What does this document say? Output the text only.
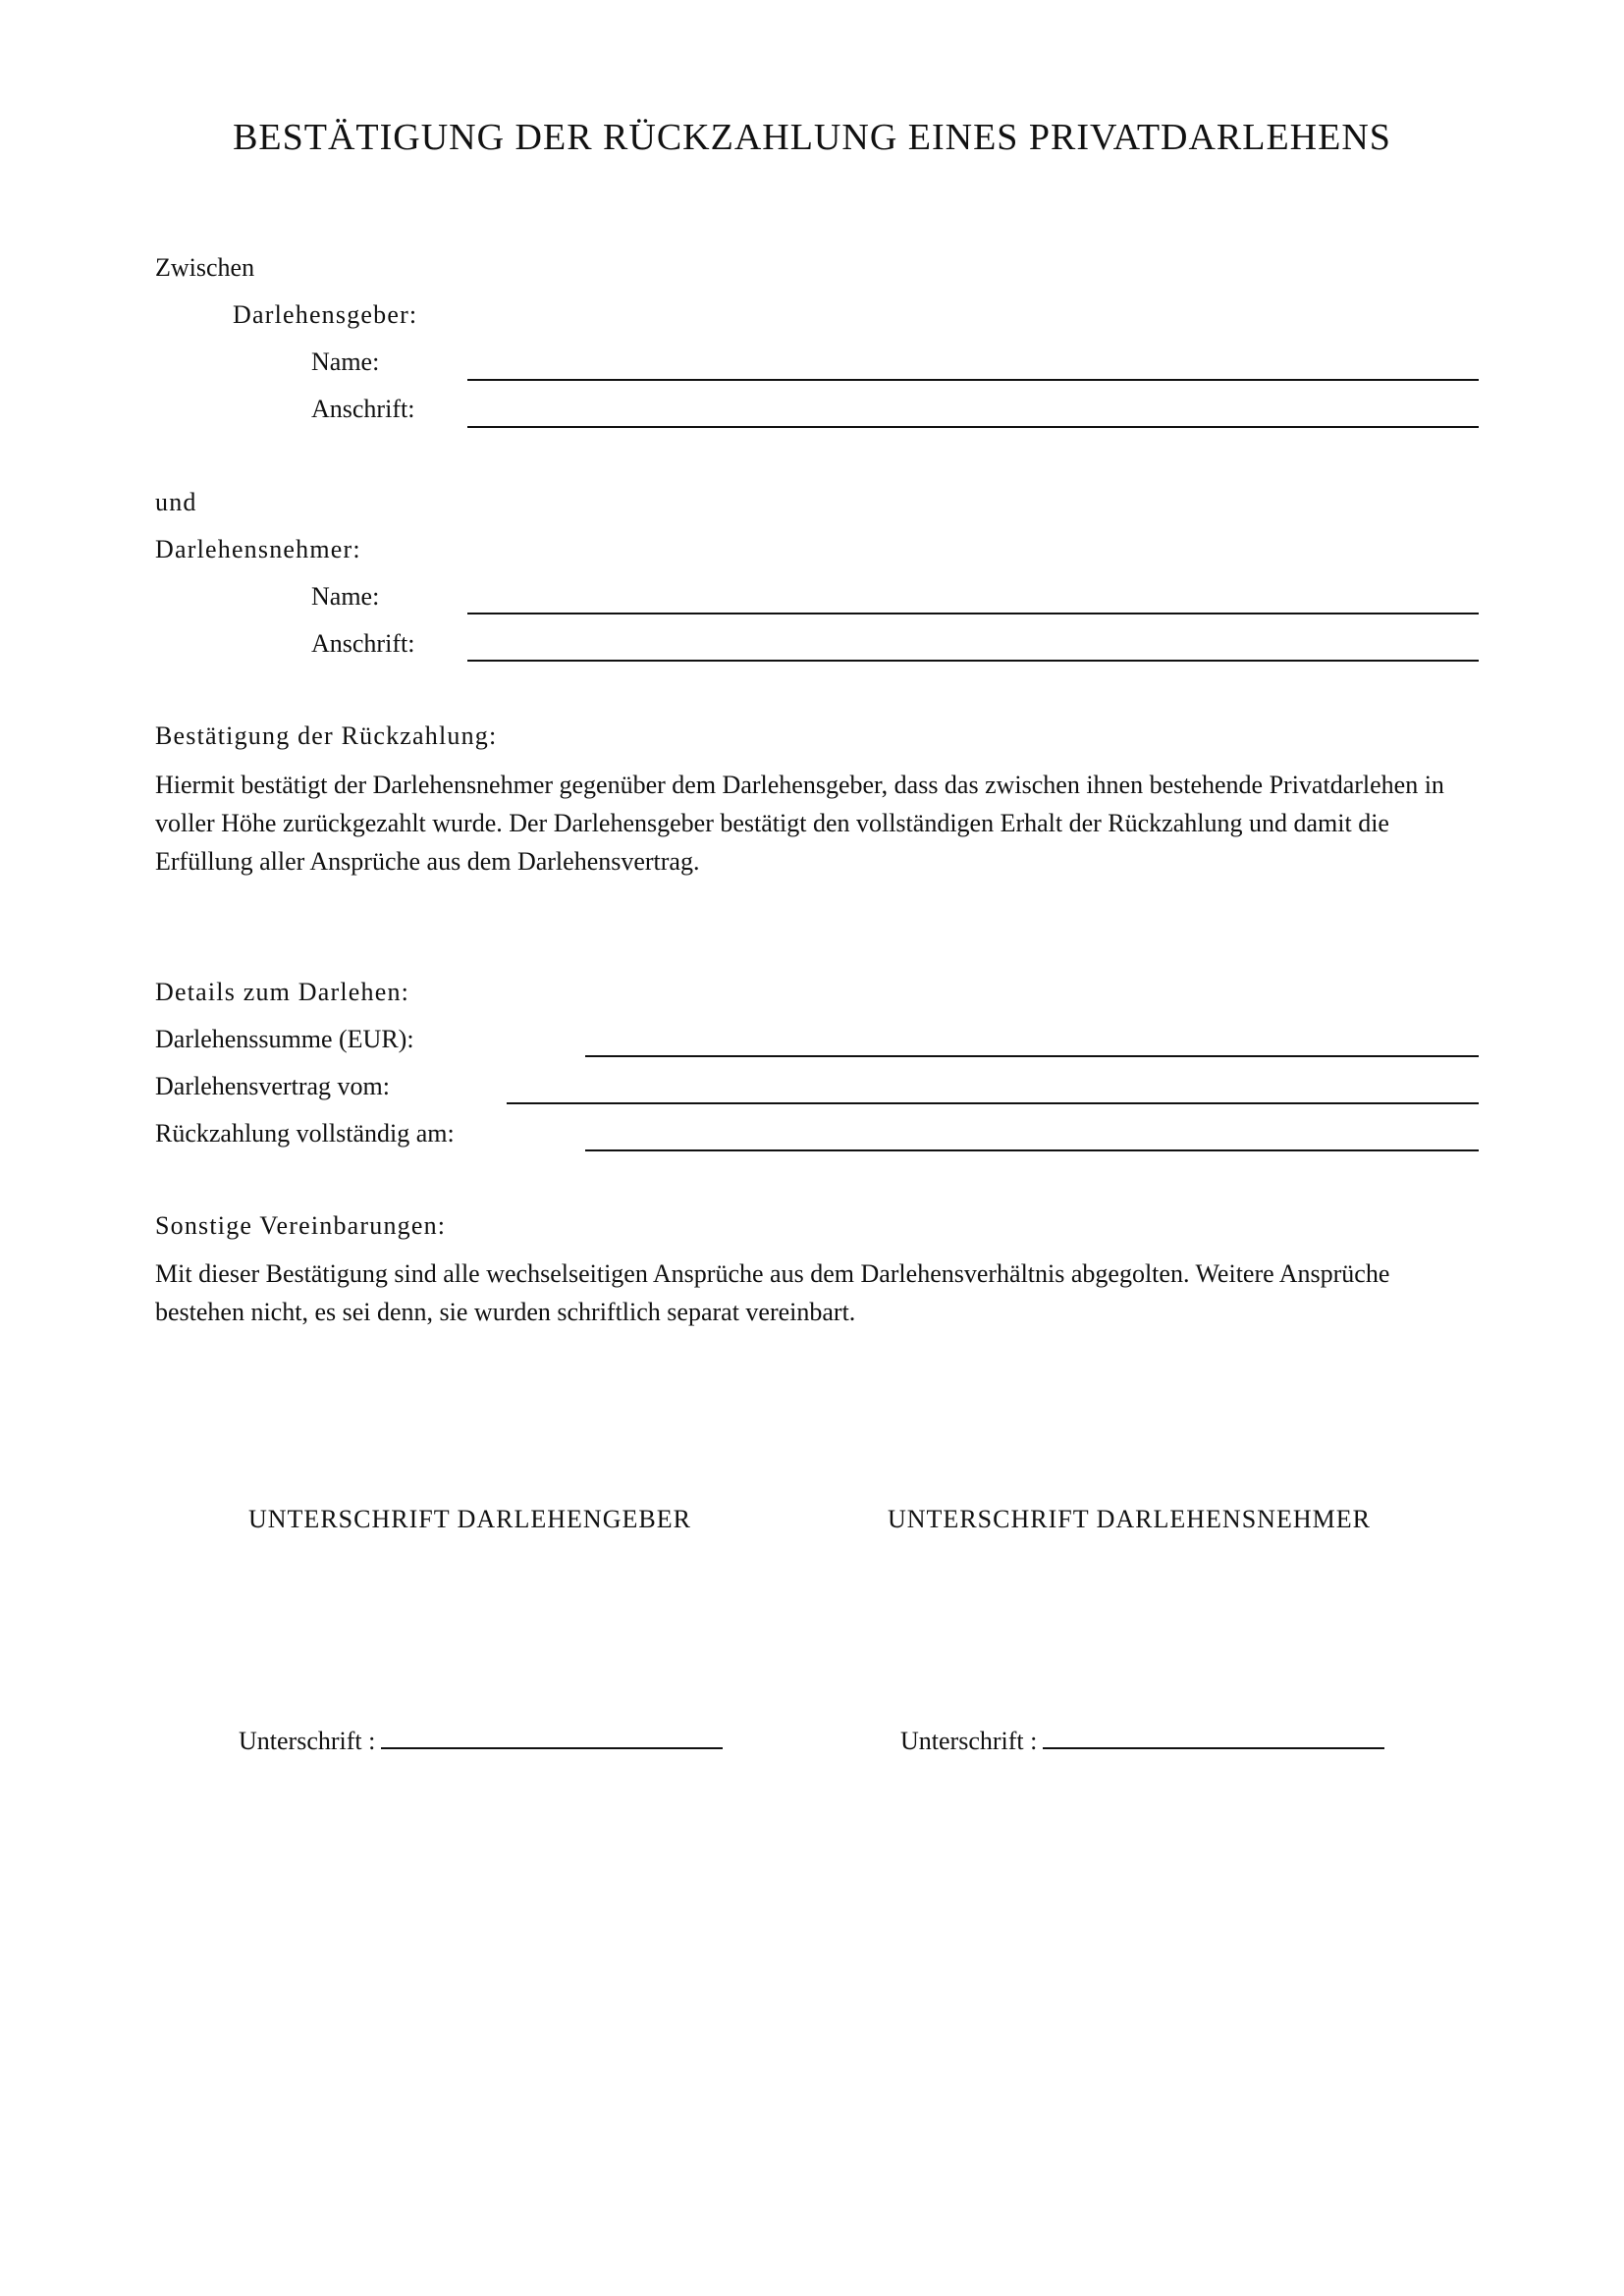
BESTÄTIGUNG DER RÜCKZAHLUNG EINES PRIVATDARLEHENS
Zwischen
Darlehensgeber:
Name:
Anschrift:
und
Darlehensnehmer:
Name:
Anschrift:
Bestätigung der Rückzahlung:
Hiermit bestätigt der Darlehensnehmer gegenüber dem Darlehensgeber, dass das zwischen ihnen bestehende Privatdarlehen in voller Höhe zurückgezahlt wurde. Der Darlehensgeber bestätigt den vollständigen Erhalt der Rückzahlung und damit die Erfüllung aller Ansprüche aus dem Darlehensvertrag.
Details zum Darlehen:
Darlehenssumme (EUR):
Darlehensvertrag vom:
Rückzahlung vollständig am:
Sonstige Vereinbarungen:
Mit dieser Bestätigung sind alle wechselseitigen Ansprüche aus dem Darlehensverhältnis abgegolten. Weitere Ansprüche bestehen nicht, es sei denn, sie wurden schriftlich separat vereinbart.
UNTERSCHRIFT DARLEHENGEBER	UNTERSCHRIFT DARLEHENSNEHMER
Unterschrift :	Unterschrift :
